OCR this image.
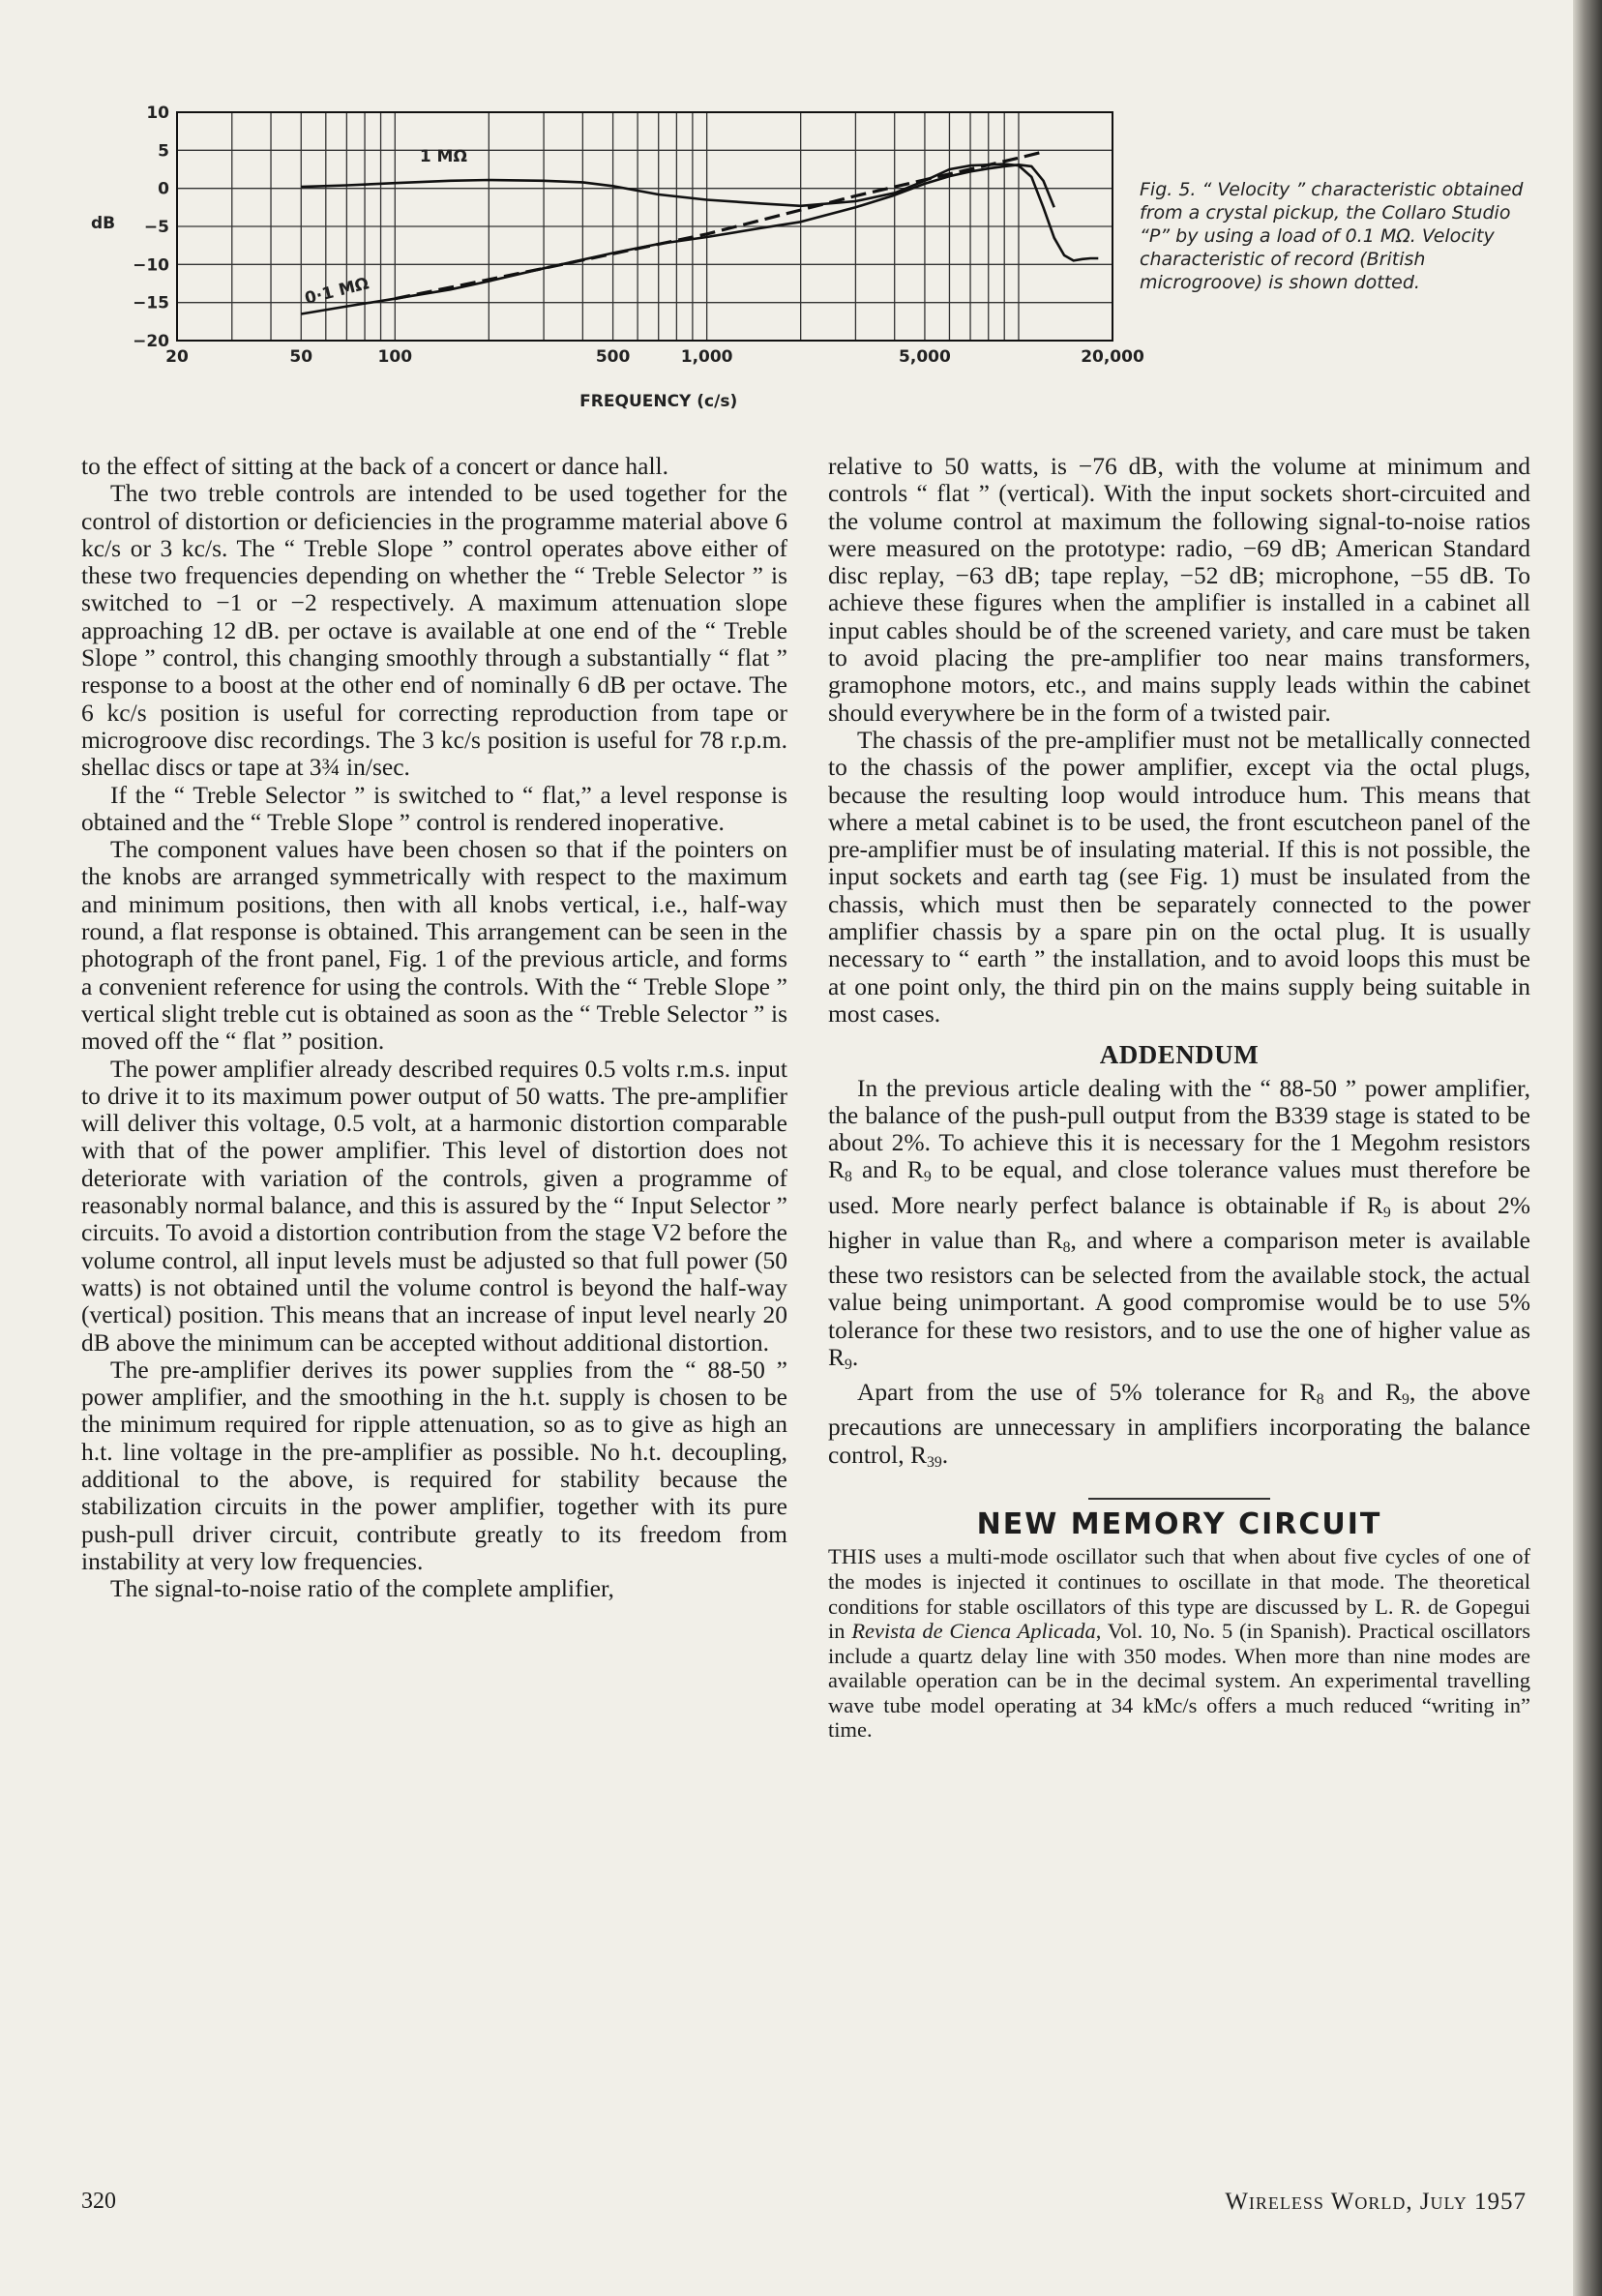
10
5
0
−5
−10
−15
−20
20	50	100	500	1,000	5,000	20,000
dB
FREQUENCY (c/s)
1 MΩ
0·1 MΩ
Fig. 5. “ Velocity ” characteristic obtained from a crystal pickup, the Collaro Studio “P” by using a load of 0.1 MΩ. Velocity characteristic of record (British microgroove) is shown dotted.

to the effect of sitting at the back of a concert or dance hall.

The two treble controls are intended to be used together for the control of distortion or deficiencies in the programme material above 6 kc/s or 3 kc/s. The “ Treble Slope ” control operates above either of these two frequencies depending on whether the “ Treble Selector ” is switched to −1 or −2 respectively. A maximum attenuation slope approaching 12 dB. per octave is available at one end of the “ Treble Slope ” control, this changing smoothly through a substantially “ flat ” response to a boost at the other end of nominally 6 dB per octave. The 6 kc/s position is useful for correcting reproduction from tape or microgroove disc recordings. The 3 kc/s position is useful for 78 r.p.m. shellac discs or tape at 3¾ in/sec.

If the “ Treble Selector ” is switched to “ flat,” a level response is obtained and the “ Treble Slope ” control is rendered inoperative.

The component values have been chosen so that if the pointers on the knobs are arranged symmetrically with respect to the maximum and minimum positions, then with all knobs vertical, i.e., half-way round, a flat response is obtained. This arrangement can be seen in the photograph of the front panel, Fig. 1 of the previous article, and forms a convenient reference for using the controls. With the “ Treble Slope ” vertical slight treble cut is obtained as soon as the “ Treble Selector ” is moved off the “ flat ” position.

The power amplifier already described requires 0.5 volts r.m.s. input to drive it to its maximum power output of 50 watts. The pre-amplifier will deliver this voltage, 0.5 volt, at a harmonic distortion comparable with that of the power amplifier. This level of distortion does not deteriorate with variation of the controls, given a programme of reasonably normal balance, and this is assured by the “ Input Selector ” circuits. To avoid a distortion contribution from the stage V2 before the volume control, all input levels must be adjusted so that full power (50 watts) is not obtained until the volume control is beyond the half-way (vertical) position. This means that an increase of input level nearly 20 dB above the minimum can be accepted without additional distortion.

The pre-amplifier derives its power supplies from the “ 88-50 ” power amplifier, and the smoothing in the h.t. supply is chosen to be the minimum required for ripple attenuation, so as to give as high an h.t. line voltage in the pre-amplifier as possible. No h.t. decoupling, additional to the above, is required for stability because the stabilization circuits in the power amplifier, together with its pure push-pull driver circuit, contribute greatly to its freedom from instability at very low frequencies.

The signal-to-noise ratio of the complete amplifier,

relative to 50 watts, is −76 dB, with the volume at minimum and controls “ flat ” (vertical). With the input sockets short-circuited and the volume control at maximum the following signal-to-noise ratios were measured on the prototype: radio, −69 dB; American Standard disc replay, −63 dB; tape replay, −52 dB; microphone, −55 dB. To achieve these figures when the amplifier is installed in a cabinet all input cables should be of the screened variety, and care must be taken to avoid placing the pre-amplifier too near mains transformers, gramophone motors, etc., and mains supply leads within the cabinet should everywhere be in the form of a twisted pair.

The chassis of the pre-amplifier must not be metallically connected to the chassis of the power amplifier, except via the octal plugs, because the resulting loop would introduce hum. This means that where a metal cabinet is to be used, the front escutcheon panel of the pre-amplifier must be of insulating material. If this is not possible, the input sockets and earth tag (see Fig. 1) must be insulated from the chassis, which must then be separately connected to the power amplifier chassis by a spare pin on the octal plug. It is usually necessary to “ earth ” the installation, and to avoid loops this must be at one point only, the third pin on the mains supply being suitable in most cases.

ADDENDUM

In the previous article dealing with the “ 88-50 ” power amplifier, the balance of the push-pull output from the B339 stage is stated to be about 2%. To achieve this it is necessary for the 1 Megohm resistors $R_8$ and $R_9$ to be equal, and close tolerance values must therefore be used. More nearly perfect balance is obtainable if $R_9$ is about 2% higher in value than $R_8$, and where a comparison meter is available these two resistors can be selected from the available stock, the actual value being unimportant. A good compromise would be to use 5% tolerance for these two resistors, and to use the one of higher value as $R_9$.

Apart from the use of 5% tolerance for $R_8$ and $R_9$, the above precautions are unnecessary in amplifiers incorporating the balance control, $R_{39}$.

NEW MEMORY CIRCUIT

THIS uses a multi-mode oscillator such that when about five cycles of one of the modes is injected it continues to oscillate in that mode. The theoretical conditions for stable oscillators of this type are discussed by L. R. de Gopegui in Revista de Cienca Aplicada, Vol. 10, No. 5 (in Spanish). Practical oscillators include a quartz delay line with 350 modes. When more than nine modes are available operation can be in the decimal system. An experimental travelling wave tube model operating at 34 kMc/s offers a much reduced “writing in” time.

320	Wireless World, July 1957
